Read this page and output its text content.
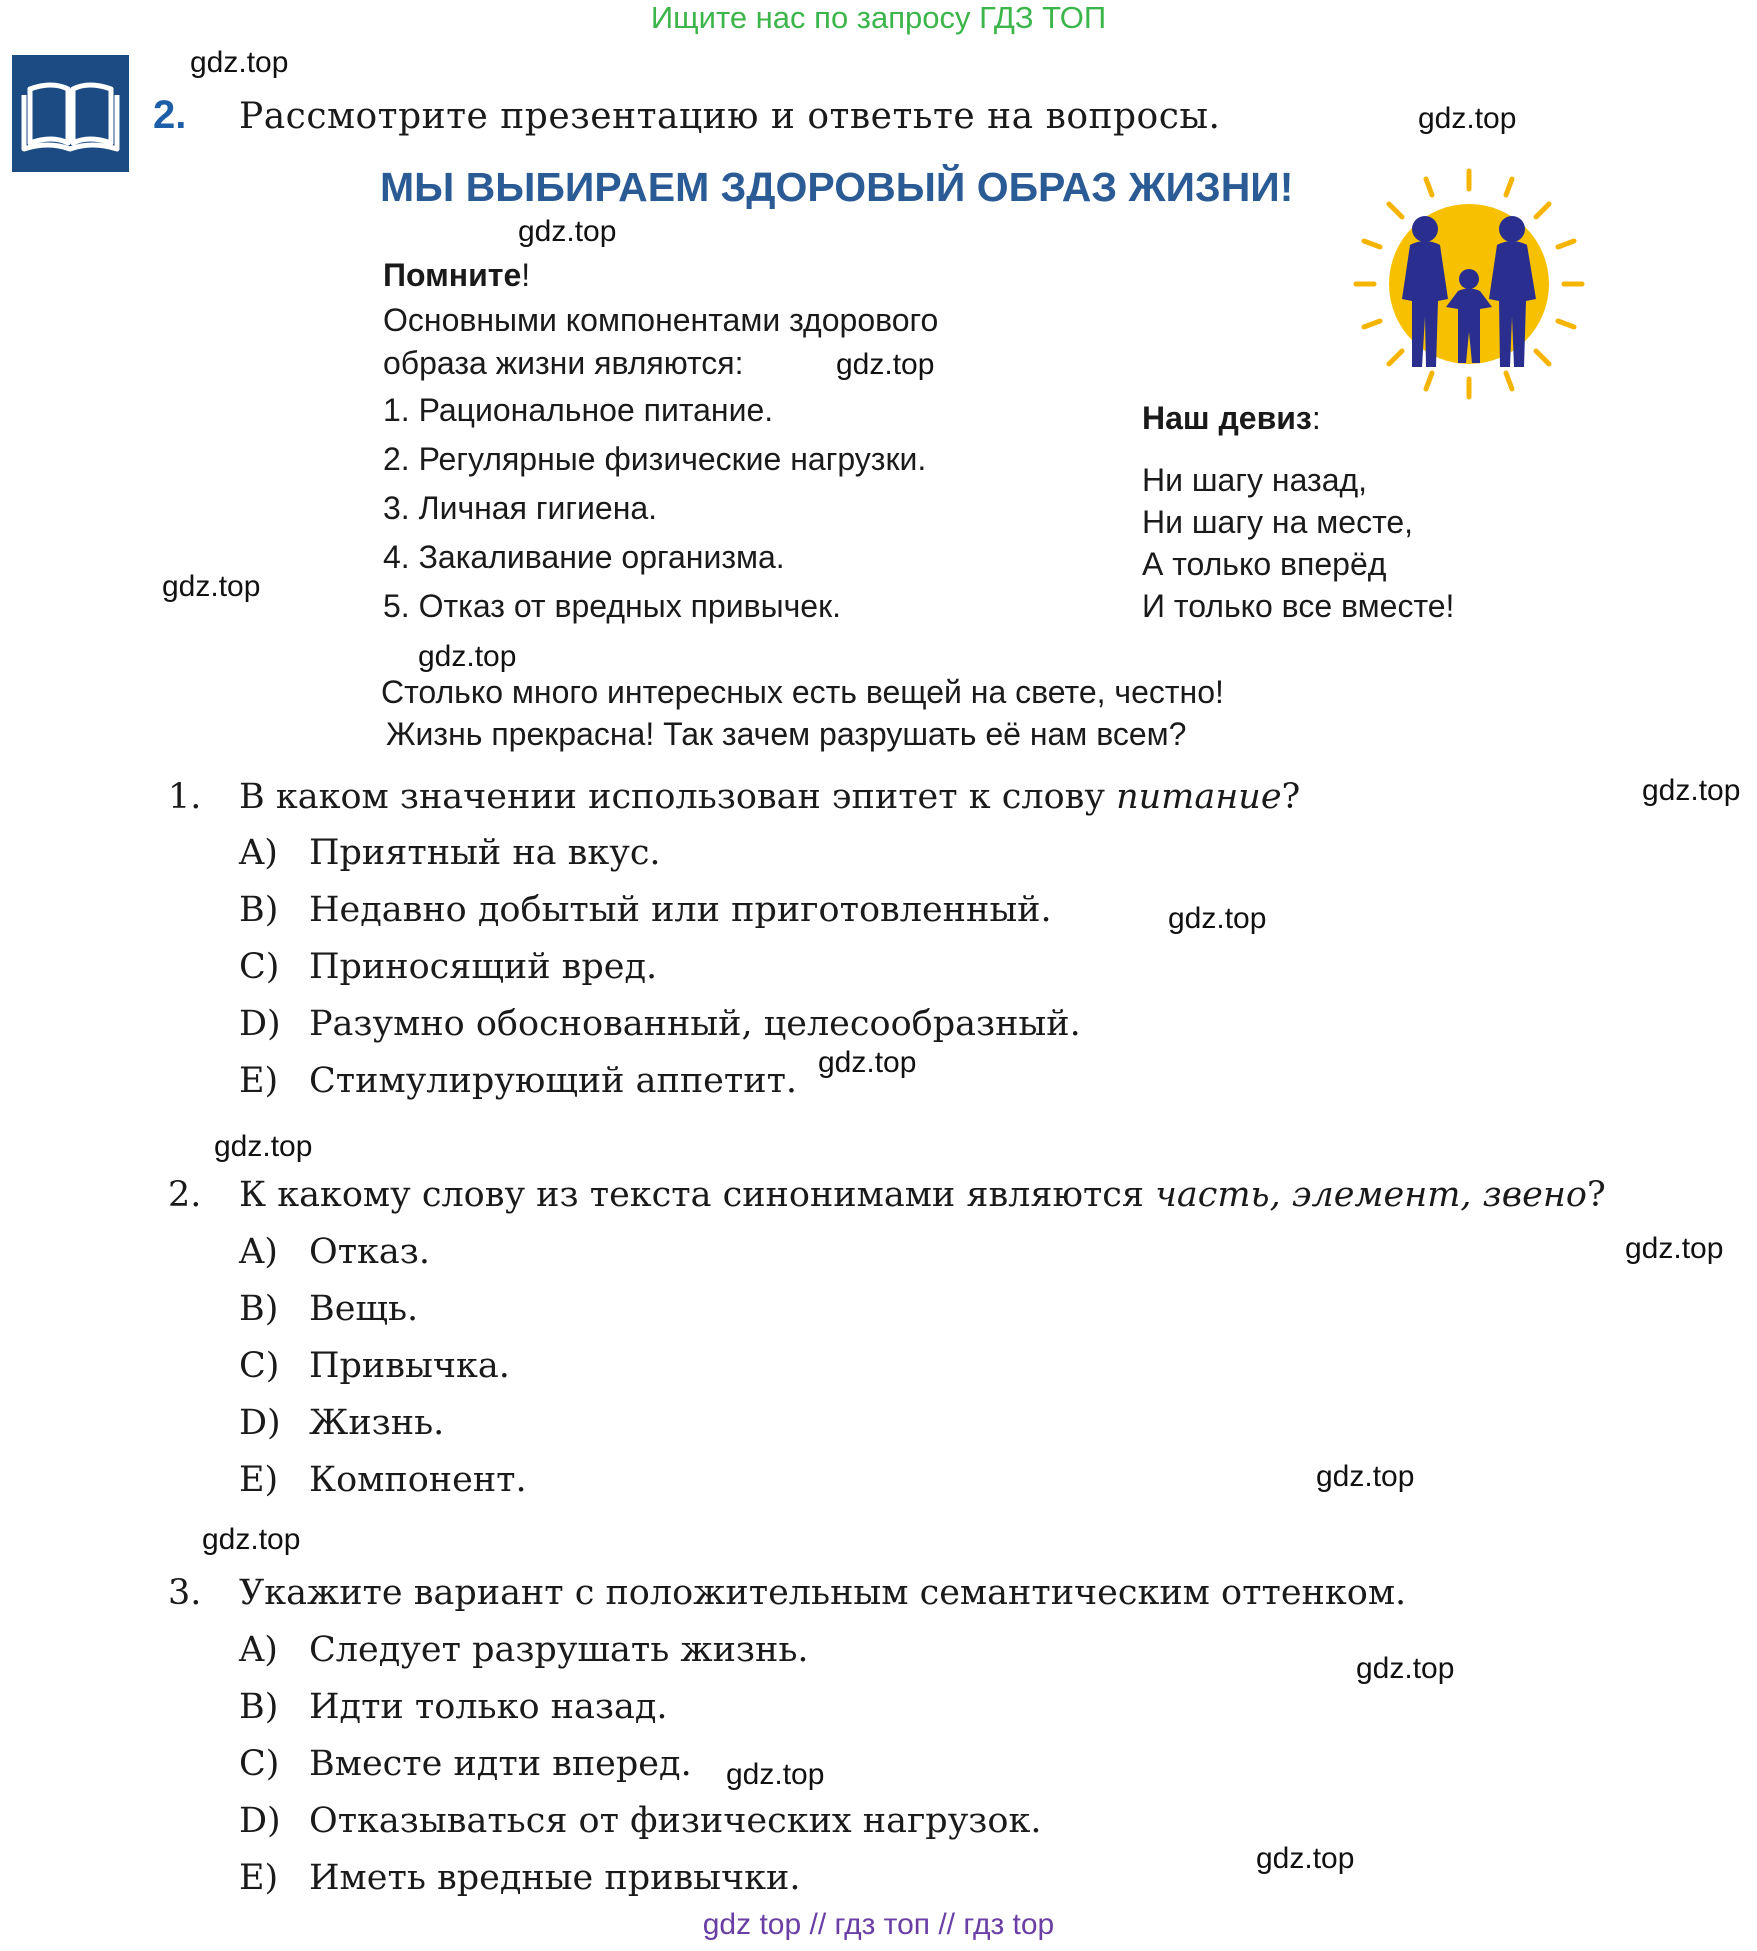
Ищите нас по запросу ГДЗ ТОП
2. Рассмотрите презентацию и ответьте на вопросы.
МЫ ВЫБИРАЕМ ЗДОРОВЫЙ ОБРАЗ ЖИЗНИ!
Помните!
Основными компонентами здорового
образа жизни являются:
1. Рациональное питание.
2. Регулярные физические нагрузки.
3. Личная гигиена.
4. Закаливание организма.
5. Отказ от вредных привычек.
Наш девиз:
Ни шагу назад,
Ни шагу на месте,
А только вперёд
И только все вместе!
Столько много интересных есть вещей на свете, честно!
Жизнь прекрасна! Так зачем разрушать её нам всем?
1. В каком значении использован эпитет к слову питание?
A) Приятный на вкус.
B) Недавно добытый или приготовленный.
C) Приносящий вред.
D) Разумно обоснованный, целесообразный.
E) Стимулирующий аппетит.
2. К какому слову из текста синонимами являются часть, элемент, звено?
A) Отказ.
B) Вещь.
C) Привычка.
D) Жизнь.
E) Компонент.
3. Укажите вариант с положительным семантическим оттенком.
A) Следует разрушать жизнь.
B) Идти только назад.
C) Вместе идти вперед.
D) Отказываться от физических нагрузок.
E) Иметь вредные привычки.
gdz.top
gdz.top
gdz.top
gdz.top
gdz.top
gdz.top
gdz.top
gdz.top
gdz.top
gdz.top
gdz.top
gdz.top
gdz.top
gdz.top
gdz.top
gdz.top
gdz top // гдз топ // гдз top
